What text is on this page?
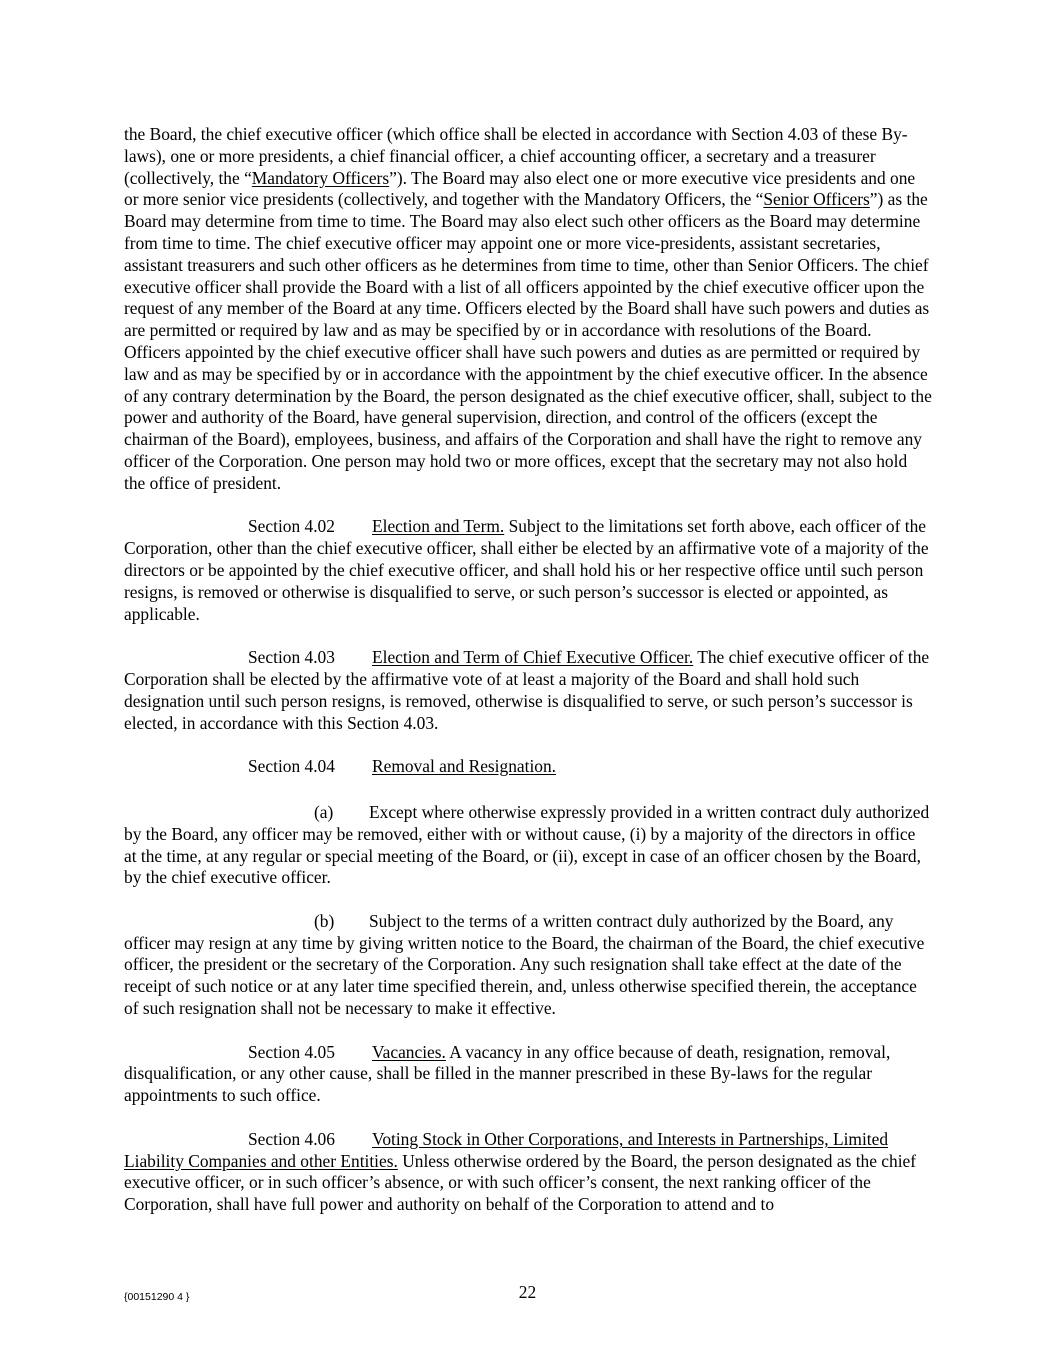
the Board, the chief executive officer (which office shall be elected in accordance with Section 4.03 of these By-laws), one or more presidents, a chief financial officer, a chief accounting officer, a secretary and a treasurer (collectively, the “Mandatory Officers”). The Board may also elect one or more executive vice presidents and one or more senior vice presidents (collectively, and together with the Mandatory Officers, the “Senior Officers”) as the Board may determine from time to time. The Board may also elect such other officers as the Board may determine from time to time. The chief executive officer may appoint one or more vice-presidents, assistant secretaries, assistant treasurers and such other officers as he determines from time to time, other than Senior Officers. The chief executive officer shall provide the Board with a list of all officers appointed by the chief executive officer upon the request of any member of the Board at any time. Officers elected by the Board shall have such powers and duties as are permitted or required by law and as may be specified by or in accordance with resolutions of the Board. Officers appointed by the chief executive officer shall have such powers and duties as are permitted or required by law and as may be specified by or in accordance with the appointment by the chief executive officer. In the absence of any contrary determination by the Board, the person designated as the chief executive officer, shall, subject to the power and authority of the Board, have general supervision, direction, and control of the officers (except the chairman of the Board), employees, business, and affairs of the Corporation and shall have the right to remove any officer of the Corporation. One person may hold two or more offices, except that the secretary may not also hold the office of president.

Section 4.02 Election and Term. Subject to the limitations set forth above, each officer of the Corporation, other than the chief executive officer, shall either be elected by an affirmative vote of a majority of the directors or be appointed by the chief executive officer, and shall hold his or her respective office until such person resigns, is removed or otherwise is disqualified to serve, or such person’s successor is elected or appointed, as applicable.

Section 4.03 Election and Term of Chief Executive Officer. The chief executive officer of the Corporation shall be elected by the affirmative vote of at least a majority of the Board and shall hold such designation until such person resigns, is removed, otherwise is disqualified to serve, or such person’s successor is elected, in accordance with this Section 4.03.

Section 4.04 Removal and Resignation.

(a) Except where otherwise expressly provided in a written contract duly authorized by the Board, any officer may be removed, either with or without cause, (i) by a majority of the directors in office at the time, at any regular or special meeting of the Board, or (ii), except in case of an officer chosen by the Board, by the chief executive officer.

(b) Subject to the terms of a written contract duly authorized by the Board, any officer may resign at any time by giving written notice to the Board, the chairman of the Board, the chief executive officer, the president or the secretary of the Corporation. Any such resignation shall take effect at the date of the receipt of such notice or at any later time specified therein, and, unless otherwise specified therein, the acceptance of such resignation shall not be necessary to make it effective.

Section 4.05 Vacancies. A vacancy in any office because of death, resignation, removal, disqualification, or any other cause, shall be filled in the manner prescribed in these By-laws for the regular appointments to such office.

Section 4.06 Voting Stock in Other Corporations, and Interests in Partnerships, Limited Liability Companies and other Entities. Unless otherwise ordered by the Board, the person designated as the chief executive officer, or in such officer’s absence, or with such officer’s consent, the next ranking officer of the Corporation, shall have full power and authority on behalf of the Corporation to attend and to

{00151290 4 }	22
